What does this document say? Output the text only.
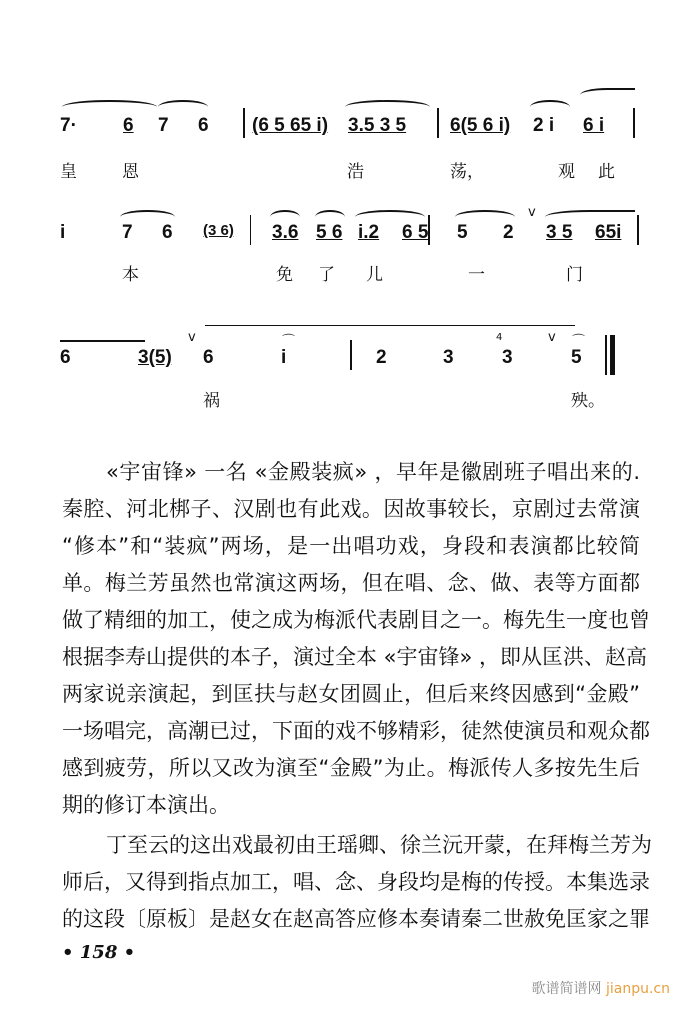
7· 6 7 6 (6 5 65 i) 3.5 3 5 6(5 6 i) 2 i 6 i
皇	恩	浩	荡，	观 此
i	7 6 (3 6) 3.6 5 6 i.2 6 5 5 2
v
3 5 65i
本	免 了 儿	一	门
6	3(5)
v
6
⌒
i	2	3
4
3
v ⌒
5
祸	殃。
«宇宙锋» 一名 «金殿装疯» ，早年是徽剧班子唱出来的.
秦腔、河北梆子、汉剧也有此戏。因故事较长，京剧过去常演
“修本”和“装疯”两场，是一出唱功戏，身段和表演都比较简
单。梅兰芳虽然也常演这两场，但在唱、念、做、表等方面都
做了精细的加工，使之成为梅派代表剧目之一。梅先生一度也曾
根据李寿山提供的本子，演过全本 «宇宙锋» ，即从匡洪、赵高
两家说亲演起，到匡扶与赵女团圆止，但后来终因感到“金殿”
一场唱完，高潮已过，下面的戏不够精彩，徒然使演员和观众都
感到疲劳，所以又改为演至“金殿”为止。梅派传人多按先生后
期的修订本演出。
丁至云的这出戏最初由王瑶卿、徐兰沅开蒙，在拜梅兰芳为
师后，又得到指点加工，唱、念、身段均是梅的传授。本集选录
的这段〔原板〕是赵女在赵高答应修本奏请秦二世赦免匡家之罪
• 158 •
歌谱简谱网 jianpu.cn
